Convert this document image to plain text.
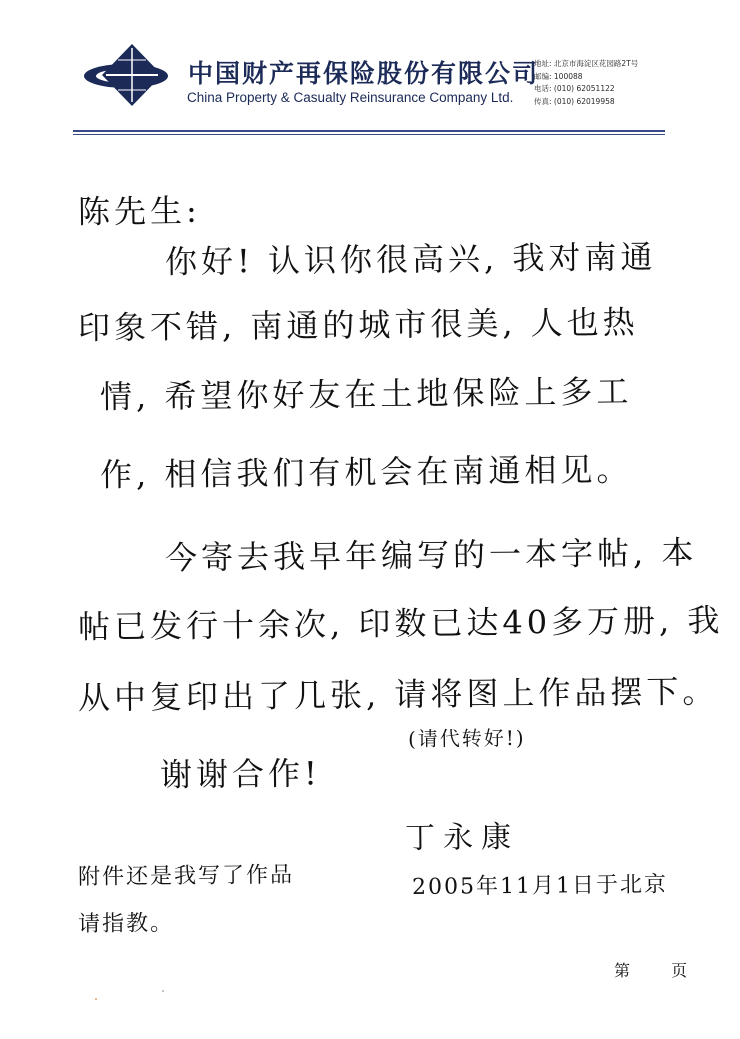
中国财产再保险股份有限公司
China Property & Casualty Reinsurance Company Ltd.
地址: 北京市海淀区花园路2T号
邮编: 100088
电话: (010) 62051122
传真: (010) 62019958
陈先生:
你好! 认识你很高兴, 我对南通
印象不错, 南通的城市很美, 人也热
情, 希望你好友在土地保险上多工
作, 相信我们有机会在南通相见。
今寄去我早年编写的一本字帖, 本
帖已发行十余次, 印数已达40多万册, 我
从中复印出了几张, 请将图上作品摆下。
(请代转好!)
谢谢合作!
丁永康
附件还是我写了作品	2005年11月1日于北京
请指教。
第 页
